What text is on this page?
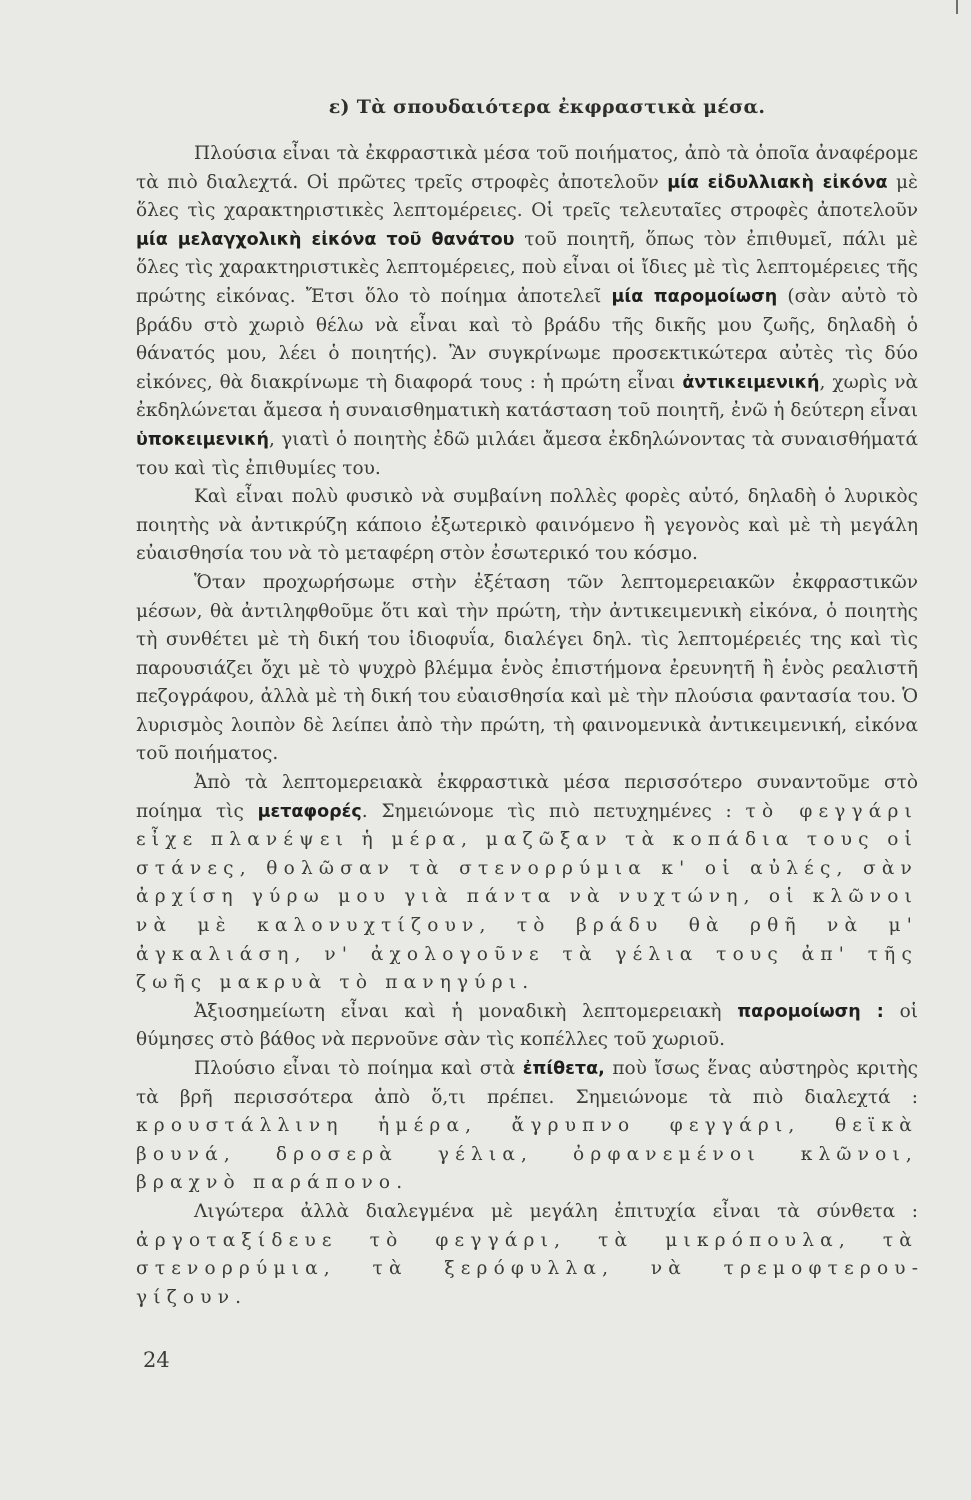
ε) Τὰ σπουδαιότερα ἐκφραστικὰ μέσα.

Πλούσια εἶναι τὰ ἐκφραστικὰ μέσα τοῦ ποιήματος, ἀπὸ τὰ ὁποῖα ἀναφέρομε τὰ πιὸ διαλεχτά. Οἱ πρῶτες τρεῖς στροφὲς ἀποτελοῦν μία εἰδυλλιακὴ εἰκόνα μὲ ὅλες τὶς χαρακτηριστικὲς λεπτομέρειες. Οἱ τρεῖς τελευταῖες στροφὲς ἀποτελοῦν μία μελαγχολικὴ εἰκόνα τοῦ θανάτου τοῦ ποιητῆ, ὅπως τὸν ἐπιθυμεῖ, πάλι μὲ ὅλες τὶς χαρακτηριστικὲς λεπτομέρειες, ποὺ εἶναι οἱ ἴδιες μὲ τὶς λεπτομέρειες τῆς πρώτης εἰκόνας. Ἔτσι ὅλο τὸ ποίημα ἀποτελεῖ μία παρομοίωση (σὰν αὐτὸ τὸ βράδυ στὸ χωριὸ θέλω νὰ εἶναι καὶ τὸ βράδυ τῆς δικῆς μου ζωῆς, δηλαδὴ ὁ θάνατός μου, λέει ὁ ποιητής). Ἂν συγκρίνωμε προσεκτικώτερα αὐτὲς τὶς δύο εἰκόνες, θὰ διακρίνωμε τὴ διαφορά τους : ἡ πρώτη εἶναι ἀντικειμενική, χωρὶς νὰ ἐκδηλώνεται ἄμεσα ἡ συναισθηματικὴ κατάσταση τοῦ ποιητῆ, ἐνῶ ἡ δεύτερη εἶναι ὑποκειμενική, γιατὶ ὁ ποιητὴς ἐδῶ μιλάει ἄμεσα ἐκδηλώνοντας τὰ συναισθήματά του καὶ τὶς ἐπιθυμίες του.

Καὶ εἶναι πολὺ φυσικὸ νὰ συμβαίνη πολλὲς φορὲς αὐτό, δηλαδὴ ὁ λυρικὸς ποιητὴς νὰ ἀντικρύζη κάποιο ἐξωτερικὸ φαινόμενο ἢ γεγονὸς καὶ μὲ τὴ μεγάλη εὐαισθησία του νὰ τὸ μεταφέρη στὸν ἐσωτερικό του κόσμο.

Ὅταν προχωρήσωμε στὴν ἐξέταση τῶν λεπτομερειακῶν ἐκφραστικῶν μέσων, θὰ ἀντιληφθοῦμε ὅτι καὶ τὴν πρώτη, τὴν ἀντικειμενικὴ εἰκόνα, ὁ ποιητὴς τὴ συνθέτει μὲ τὴ δική του ἰδιοφυΐα, διαλέγει δηλ. τὶς λεπτομέρειές της καὶ τὶς παρουσιάζει ὄχι μὲ τὸ ψυχρὸ βλέμμα ἑνὸς ἐπιστήμονα ἐρευνητῆ ἢ ἑνὸς ρεαλιστῆ πεζογράφου, ἀλλὰ μὲ τὴ δική του εὐαισθησία καὶ μὲ τὴν πλούσια φαντασία του. Ὁ λυρισμὸς λοιπὸν δὲ λείπει ἀπὸ τὴν πρώτη, τὴ φαινομενικὰ ἀντικειμενική, εἰκόνα τοῦ ποιήματος.

Ἀπὸ τὰ λεπτομερειακὰ ἐκφραστικὰ μέσα περισσότερο συναντοῦμε στὸ ποίημα τὶς μεταφορές. Σημειώνομε τὶς πιὸ πετυχημένες : τὸ φεγγάρι εἶχε πλανέψει ἡ μέρα, μαζῶξαν τὰ κοπάδια τους οἱ στάνες, θολῶσαν τὰ στενορρύμια κ' οἱ αὐλές, σὰν ἀρχίση γύρω μου γιὰ πάντα νὰ νυχτώνη, οἱ κλῶνοι νὰ μὲ καλονυχτίζουν, τὸ βράδυ θὰ ρθῆ νὰ μ' ἀγκαλιάση, ν' ἀχολογοῦνε τὰ γέλια τους ἀπ' τῆς ζωῆς μακρυὰ τὸ πανηγύρι.

Ἀξιοσημείωτη εἶναι καὶ ἡ μοναδικὴ λεπτομερειακὴ παρομοίωση : οἱ θύμησες στὸ βάθος νὰ περνοῦνε σὰν τὶς κοπέλλες τοῦ χωριοῦ.

Πλούσιο εἶναι τὸ ποίημα καὶ στὰ ἐπίθετα, ποὺ ἴσως ἕνας αὐστηρὸς κριτὴς τὰ βρῆ περισσότερα ἀπὸ ὅ,τι πρέπει. Σημειώνομε τὰ πιὸ διαλεχτά : κρουστάλλινη ἡμέρα, ἄγρυπνο φεγγάρι, θεϊκὰ βουνά, δροσερὰ γέλια, ὀρφανεμένοι κλῶνοι, βραχνὸ παράπονο.

Λιγώτερα ἀλλὰ διαλεγμένα μὲ μεγάλη ἐπιτυχία εἶναι τὰ σύνθετα : ἀργοταξίδευε τὸ φεγγάρι, τὰ μικρόπουλα, τὰ στενορρύμια, τὰ ξερόφυλλα, νὰ τρεμοφτερουγίζουν.

24
